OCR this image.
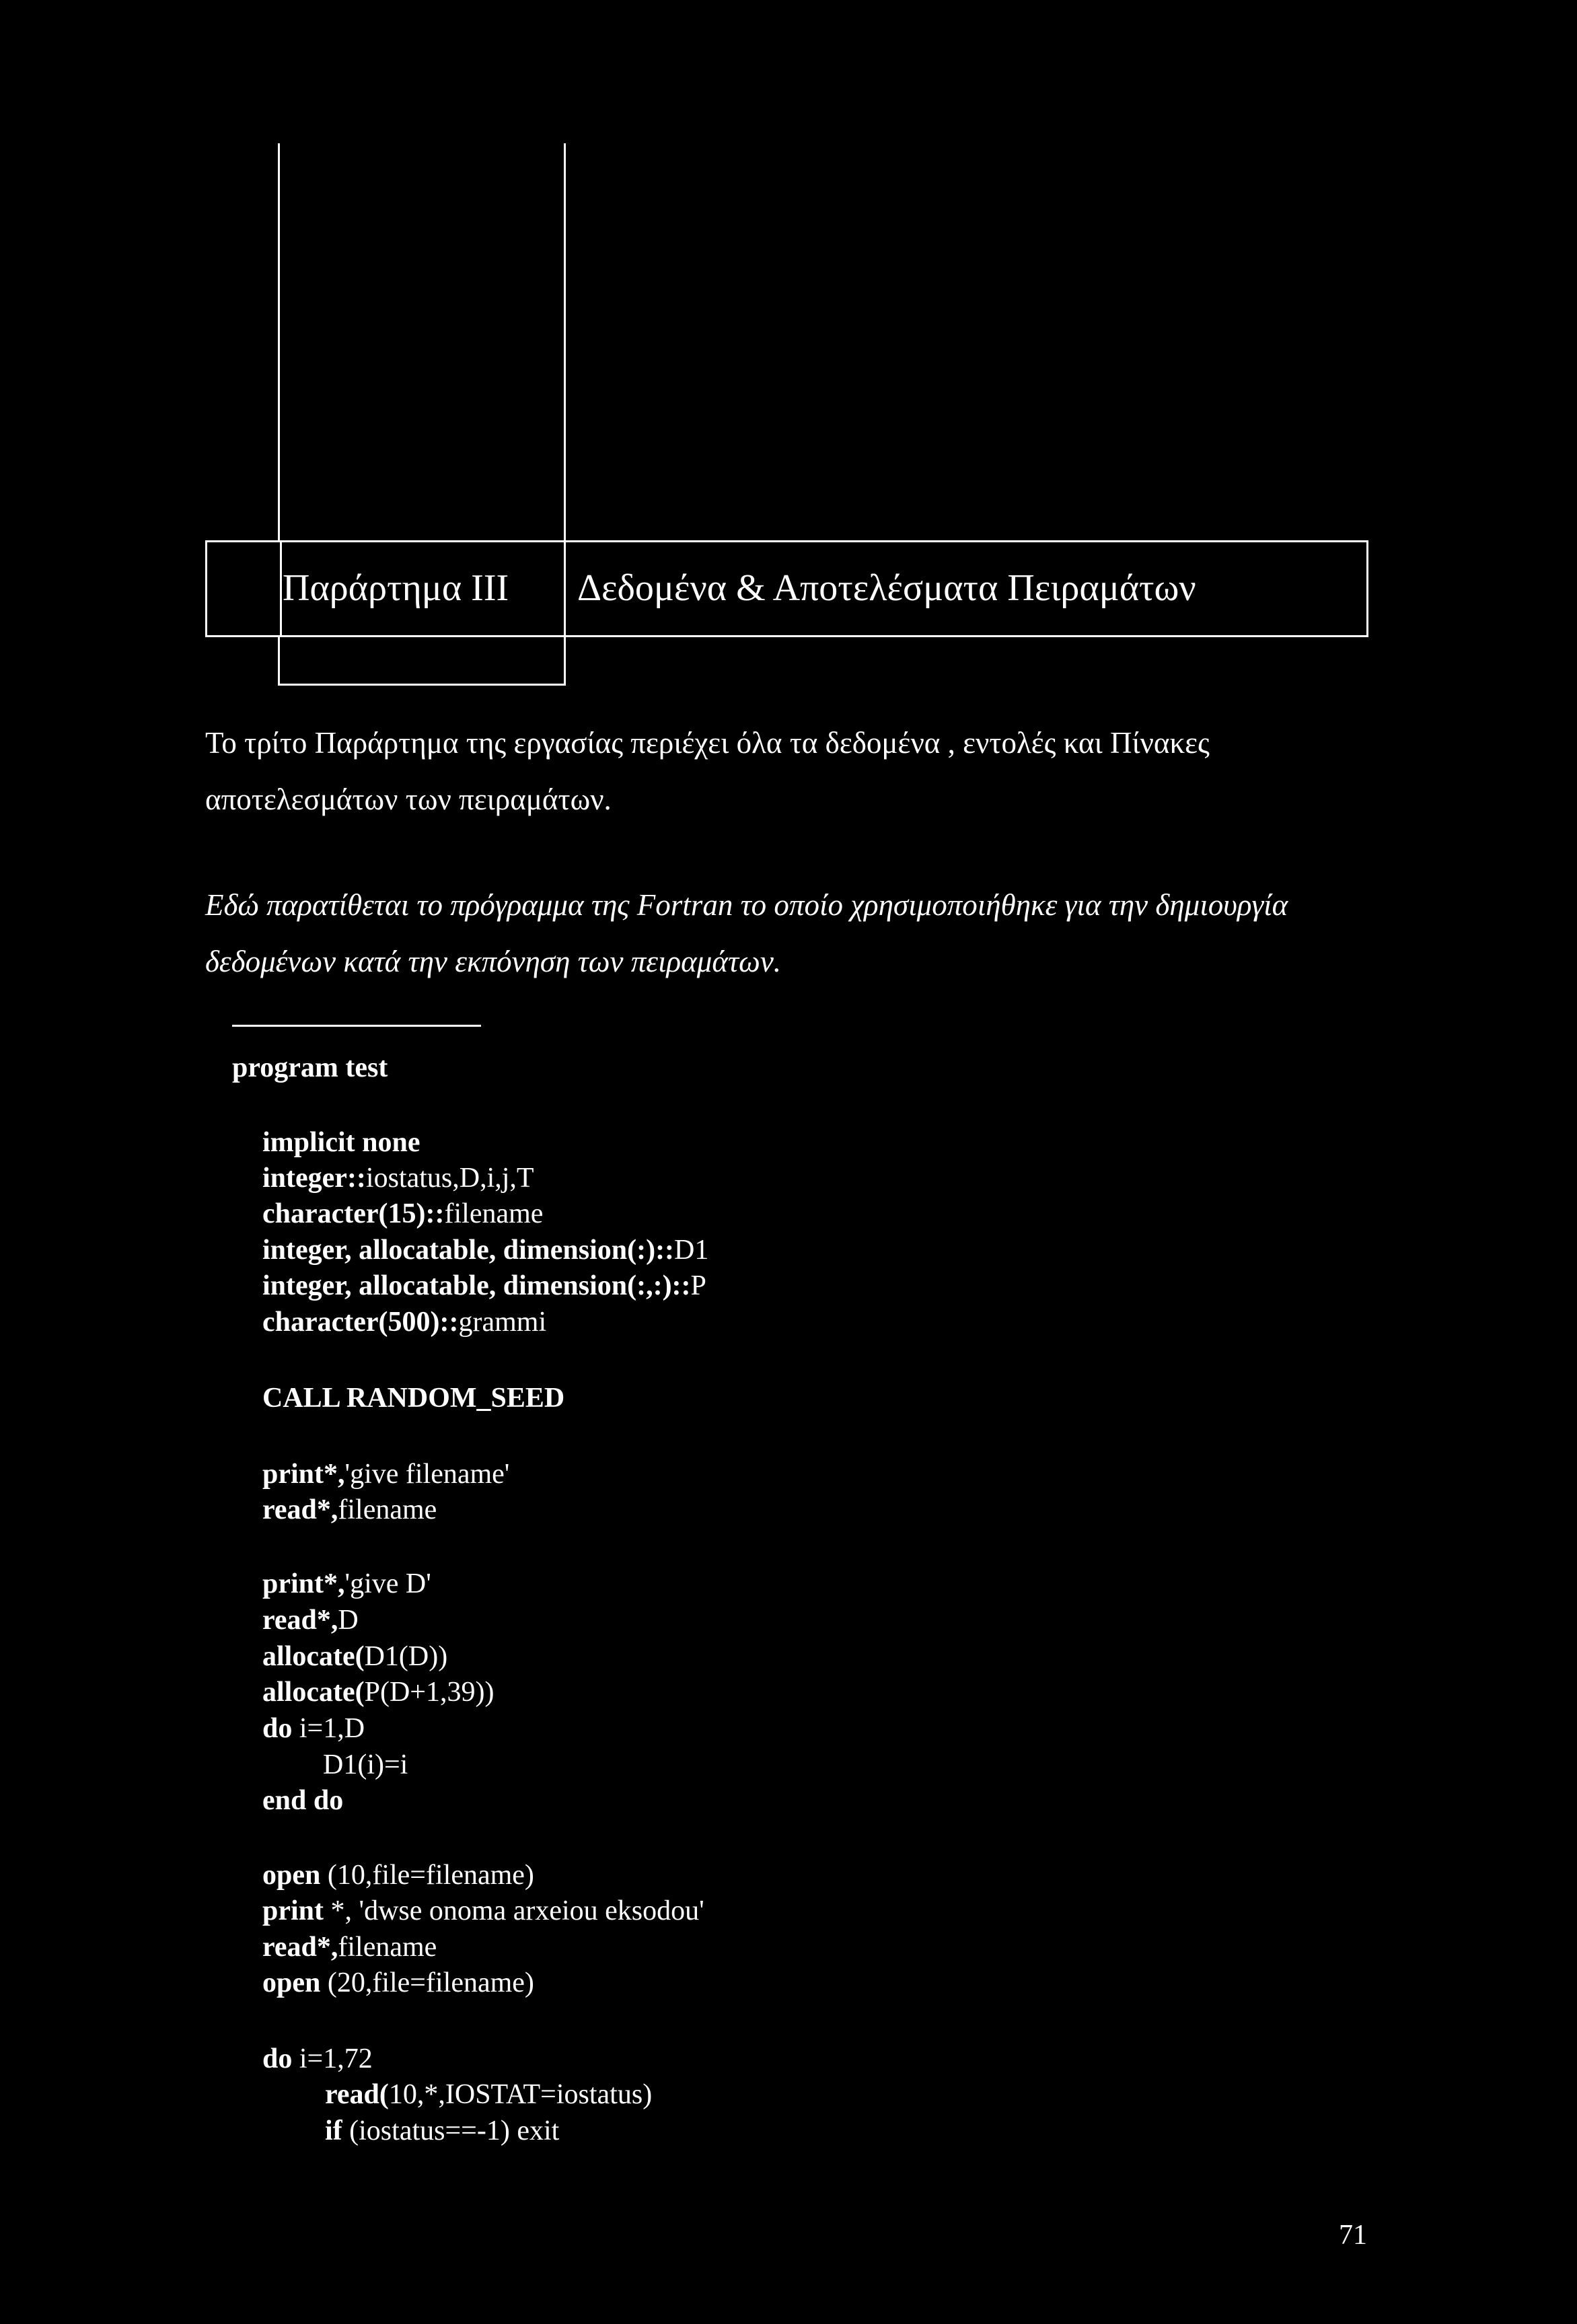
Παράρτημα ΙΙΙ Δεδομένα & Αποτελέσματα Πειραμάτων
Το τρίτο Παράρτημα της εργασίας περιέχει όλα τα δεδομένα , εντολές και Πίνακες αποτελεσμάτων των πειραμάτων.
Εδώ παρατίθεται το πρόγραμμα της Fortran το οποίο χρησιμοποιήθηκε για την δημιουργία δεδομένων κατά την εκπόνηση των πειραμάτων.
program test
implicit none
integer::iostatus,D,i,j,T
character(15)::filename
integer, allocatable, dimension(:)::D1
integer, allocatable, dimension(:,:)::P
character(500)::grammi
CALL RANDOM_SEED
print*,'give filename'
read*,filename
print*,'give D'
read*,D
allocate(D1(D))
allocate(P(D+1,39))
do i=1,D
D1(i)=i
end do
open (10,file=filename)
print *, 'dwse onoma arxeiou eksodou'
read*,filename
open (20,file=filename)
do i=1,72
read(10,*,IOSTAT=iostatus)
if (iostatus==-1) exit
71
